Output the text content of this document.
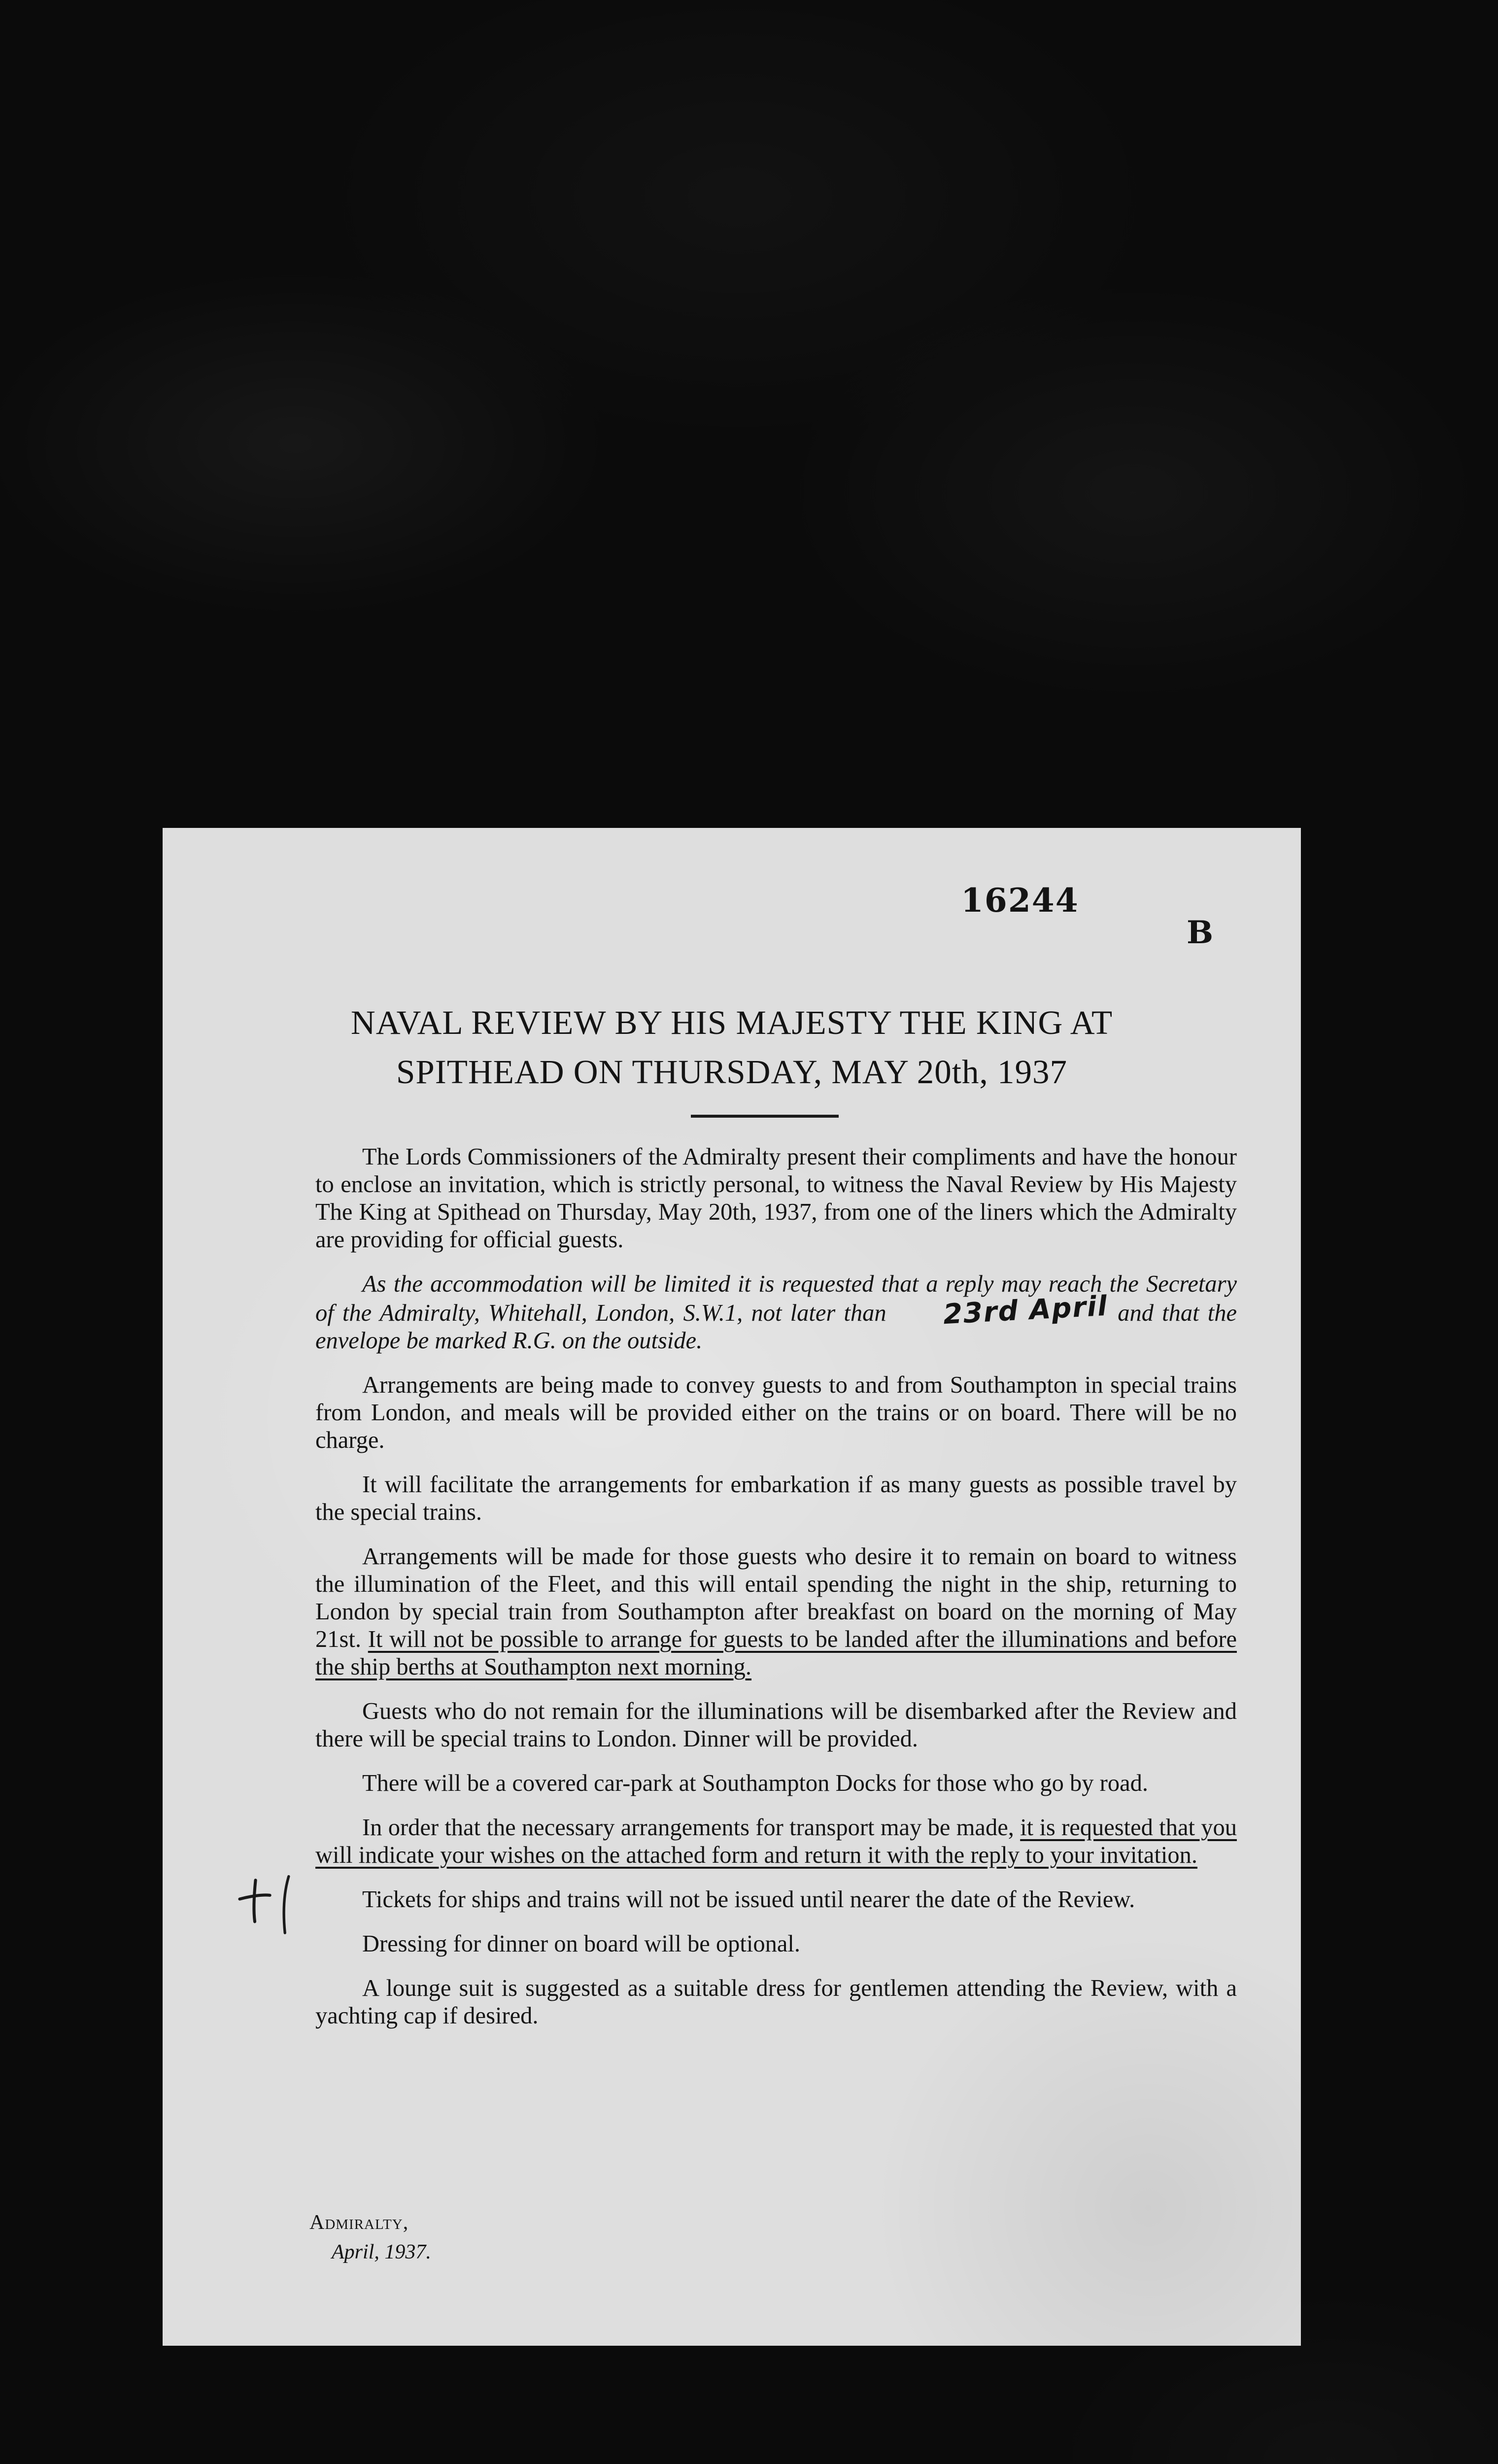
16244
B
NAVAL REVIEW BY HIS MAJESTY THE KING AT
SPITHEAD ON THURSDAY, MAY 20th, 1937

The Lords Commissioners of the Admiralty present their compliments and have the honour to enclose an invitation, which is strictly personal, to witness the Naval Review by His Majesty The King at Spithead on Thursday, May 20th, 1937, from one of the liners which the Admiralty are providing for official guests.

As the accommodation will be limited it is requested that a reply may reach the Secretary of the Admiralty, Whitehall, London, S.W.1, not later than 23rd April and that the envelope be marked R.G. on the outside.

Arrangements are being made to convey guests to and from Southampton in special trains from London, and meals will be provided either on the trains or on board. There will be no charge.

It will facilitate the arrangements for embarkation if as many guests as possible travel by the special trains.

Arrangements will be made for those guests who desire it to remain on board to witness the illumination of the Fleet, and this will entail spending the night in the ship, returning to London by special train from Southampton after breakfast on board on the morning of May 21st. It will not be possible to arrange for guests to be landed after the illuminations and before the ship berths at Southampton next morning.

Guests who do not remain for the illuminations will be disembarked after the Review and there will be special trains to London. Dinner will be provided.

There will be a covered car-park at Southampton Docks for those who go by road.

In order that the necessary arrangements for transport may be made, it is requested that you will indicate your wishes on the attached form and return it with the reply to your invitation.

Tickets for ships and trains will not be issued until nearer the date of the Review.

Dressing for dinner on board will be optional.

A lounge suit is suggested as a suitable dress for gentlemen attending the Review, with a yachting cap if desired.

Admiralty,
April, 1937.
